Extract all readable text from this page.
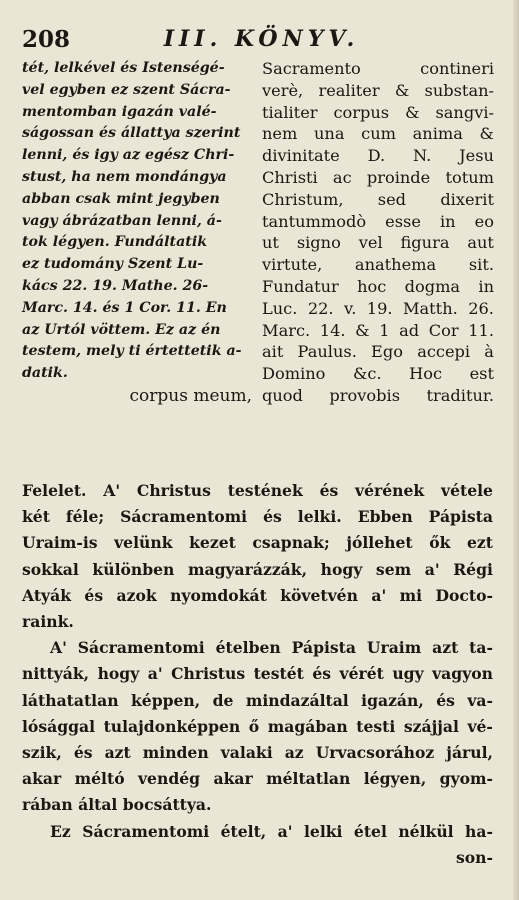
208	III. KÖNYV.
tét, lelkével és Istenségé-
vel egyben ez szent Sácra-
mentomban igazán valé-
ságossan és állattya szerint
lenni, és igy az egész Chri-
stust, ha nem mondángya
abban csak mint jegyben
vagy ábrázatban lenni, á-
tok légyen. Fundáltatik
ez tudomány Szent Lu-
kács 22. 19. Mathe. 26-
Marc. 14. és 1 Cor. 11. En
az Urtól vöttem. Ez az én
testem, mely ti értettetik a-
datik.
corpus meum,
Sacramento	contineri
verè, realiter & substan-
tialiter corpus & sangvi-
nem una cum anima &
divinitate D. N. Jesu
Christi ac proinde totum
Christum, sed dixerit
tantummodò esse in eo
ut signo vel figura aut
virtute, anathema sit.
Fundatur hoc dogma in
Luc. 22. v. 19. Matth. 26.
Marc. 14. & 1 ad Cor 11.
ait Paulus. Ego accepi à
Domino &c. Hoc est
quod provobis traditur.
Felelet. A' Christus testének és vérének vétele
két féle; Sácramentomi és lelki. Ebben Pápista
Uraim-is velünk kezet csapnak; jóllehet ők ezt
sokkal különben magyarázzák, hogy sem a' Régi
Atyák és azok nyomdokát követvén a' mi Docto-
raink.
A' Sácramentomi ételben Pápista Uraim azt ta-
nittyák, hogy a' Christus testét és vérét ugy vagyon
láthatatlan képpen, de mindazáltal igazán, és va-
lósággal tulajdonképpen ő magában testi szájjal vé-
szik, és azt minden valaki az Urvacsorához járul,
akar méltó vendég akar méltatlan légyen, gyom-
rában által bocsáttya.
Ez Sácramentomi ételt, a' lelki étel nélkül ha-
son-
